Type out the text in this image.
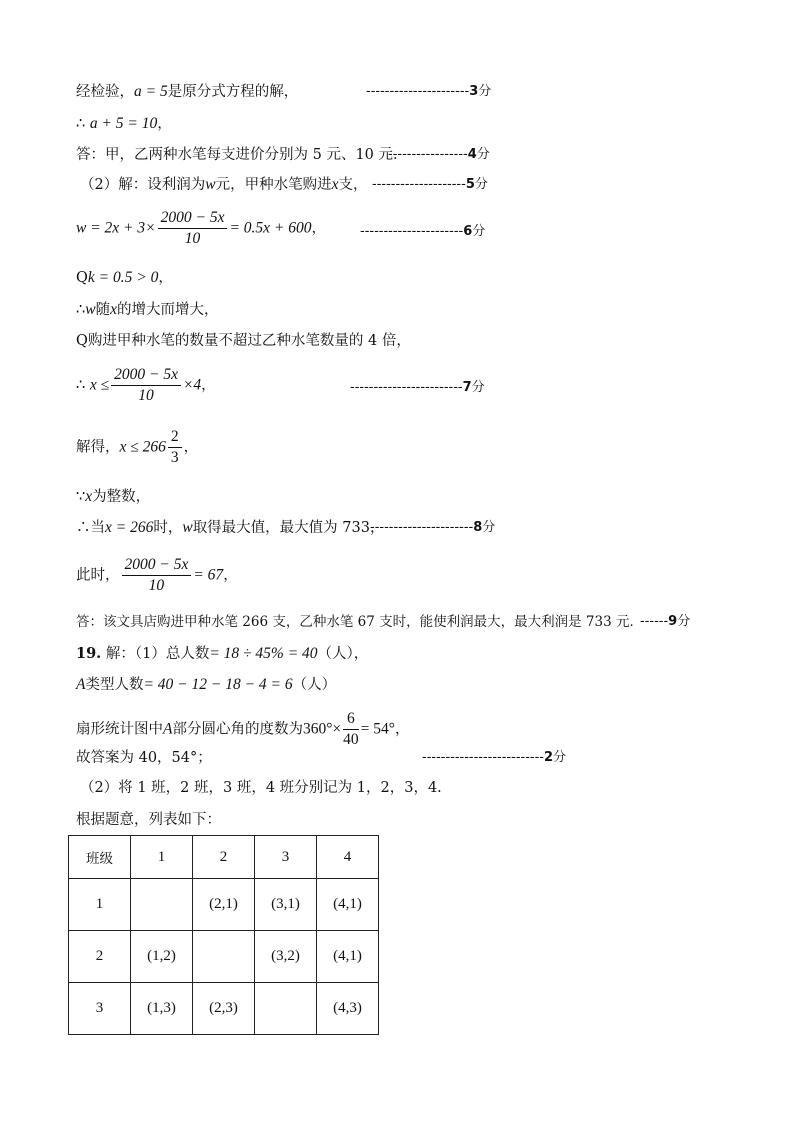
经检验，a = 5是原分式方程的解，	----------------------3分
∴ a + 5 = 10，
答：甲，乙两种水笔每支进价分别为 5 元、10 元．
-----------------4分
（2）解：设利润为w元，甲种水笔购进x支， --------------------5分
$w = 2x + 3\times \frac{2000 - 5x}{10} = 0.5x + 600$，	----------------------6分
Qk = 0.5 > 0，
∴w随x的增大而增大，
Q购进甲种水笔的数量不超过乙种水笔数量的 4 倍，
∴ $x \le \frac{2000 - 5x}{10} \times 4$，	------------------------7分
解得，$x \le 266 \frac{2}{3}$ ，
∵x为整数，
∴当x = 266时，w取得最大值，最大值为 733，
----------------------8分
此时， $\frac{2000 - 5x}{10} = 67$，
答：该文具店购进甲种水笔 266 支，乙种水笔 67 支时，能使利润最大，最大利润是 733 元．
------9分
19. 解：（1）总人数= 18 ÷ 45% = 40（人），
A类型人数= 40 − 12 − 18 − 4 = 6（人）
扇形统计图中A部分圆心角的度数为$360^\circ\times \frac{6}{40} = 54^\circ$，
故答案为 40，54°；	--------------------------2分
（2）将 1 班，2 班，3 班，4 班分别记为 1，2，3，4.
根据题意，列表如下：
班级	1	2	3	4
1		(2,1)	(3,1)	(4,1)
2	(1,2)		(3,2)	(4,1)
3	(1,3)	(2,3)		(4,3)
